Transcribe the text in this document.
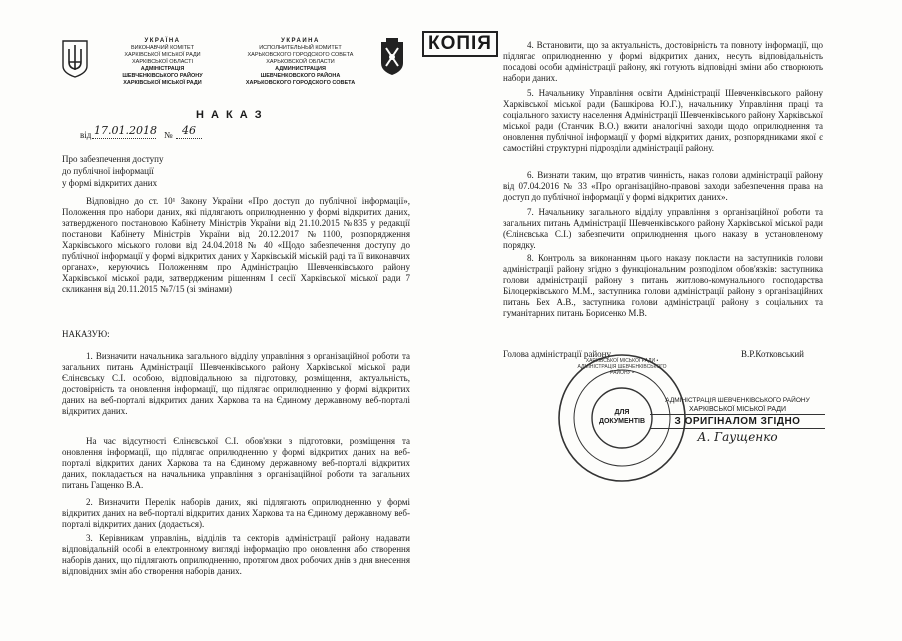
УКРАЇНА
ВИКОНАВЧИЙ КОМІТЕТ
ХАРКІВСЬКОЇ МІСЬКОЇ РАДИ
ХАРКІВСЬКОЇ ОБЛАСТІ
АДМІНІСТРАЦІЯ
ШЕВЧЕНКІВСЬКОГО РАЙОНУ
ХАРКІВСЬКОЇ МІСЬКОЇ РАДИ
УКРАИНА
ИСПОЛНИТЕЛЬНЫЙ КОМИТЕТ
ХАРЬКОВСКОГО ГОРОДСКОГО СОВЕТА
ХАРЬКОВСКОЙ ОБЛАСТИ
АДМИНИСТРАЦИЯ
ШЕВЧЕНКОВСКОГО РАЙОНА
ХАРЬКОВСКОГО ГОРОДСКОГО СОВЕТА
КОПІЯ
Н А К А З
від 17.01.2018 № 46
Про забезпечення доступу
до публічної інформації
у формі відкритих даних
Відповідно до ст. 10¹ Закону України «Про доступ до публічної інформації», Положення про набори даних, які підлягають оприлюдненню у формі відкритих даних, затвердженого постановою Кабінету Міністрів України від 21.10.2015 №835 у редакції постанови Кабінету Міністрів України від 20.12.2017 №1100, розпорядження Харківського міського голови від 24.04.2018 № 40 «Щодо забезпечення доступу до публічної інформації у формі відкритих даних у Харківській міській раді та її виконавчих органах», керуючись Положенням про Адміністрацію Шевченківського району Харківської міської ради, затвердженим рішенням І сесії Харківської міської ради 7 скликання від 20.11.2015 №7/15 (зі змінами)
НАКАЗУЮ:
1. Визначити начальника загального відділу управління з організаційної роботи та загальних питань Адміністрації Шевченківського району Харківської міської ради Єлінєвську С.І. особою, відповідальною за підготовку, розміщення, актуальність, достовірність та оновлення інформації, що підлягає оприлюдненню у формі відкритих даних на веб-порталі відкритих даних Харкова та на Єдиному державному веб-порталі відкритих даних.
На час відсутності Єлінєвської С.І. обов'язки з підготовки, розміщення та оновлення інформації, що підлягає оприлюдненню у формі відкритих даних на веб-порталі відкритих даних Харкова та на Єдиному державному веб-порталі відкритих даних, покладається на начальника управління з організаційної роботи та загальних питань Гащенко В.А.
2. Визначити Перелік наборів даних, які підлягають оприлюдненню у формі відкритих даних на веб-порталі відкритих даних Харкова та на Єдиному державному веб-порталі відкритих даних (додається).
3. Керівникам управлінь, відділів та секторів адміністрації району надавати відповідальній особі в електронному вигляді інформацію про оновлення або створення наборів даних, що підлягають оприлюдненню, протягом двох робочих днів з дня внесення відповідних змін або створення наборів даних.
4. Встановити, що за актуальність, достовірність та повноту інформації, що підлягає оприлюдненню у формі відкритих даних, несуть відповідальність посадові особи адміністрації району, які готують відповідні зміни або створюють набори даних.
5. Начальнику Управління освіти Адміністрації Шевченківського району Харківської міської ради (Башкірова Ю.Г.), начальнику Управління праці та соціального захисту населення Адміністрації Шевченківського району Харківської міської ради (Станчик В.О.) вжити аналогічні заходи щодо оприлюднення та оновлення публічної інформації у формі відкритих даних, розпорядниками якої є самостійні структурні підрозділи адміністрації району.
6. Визнати таким, що втратив чинність, наказ голови адміністрації району від 07.04.2016 № 33 «Про організаційно-правові заходи забезпечення права на доступ до публічної інформації у формі відкритих даних».
7. Начальнику загального відділу управління з організаційної роботи та загальних питань Адміністрації Шевченківського району Харківської міської ради (Єлінєвська С.І.) забезпечити оприлюднення цього наказу в установленому порядку.
8. Контроль за виконанням цього наказу покласти на заступників голови адміністрації району згідно з функціональним розподілом обов'язків: заступника голови адміністрації району з питань житлово-комунального господарства Білоцерківського М.М., заступника голови адміністрації району з організаційних питань Бех А.В., заступника голови адміністрації району з соціальних та гуманітарних питань Борисенко М.В.
Голова адміністрації району	В.Р.Котковський
ХАРКІВСЬКОЇ МІСЬКОЇ РАДИ • АДМІНІСТРАЦІЯ ШЕВЧЕНКІВСЬКОГО РАЙОНУ •
ДЛЯ
ДОКУМЕНТІВ
АДМІНІСТРАЦІЯ ШЕВЧЕНКІВСЬКОГО РАЙОНУ
ХАРКІВСЬКОЇ МІСЬКОЇ РАДИ
З ОРИГІНАЛОМ ЗГІДНО
А. Гаущенко
